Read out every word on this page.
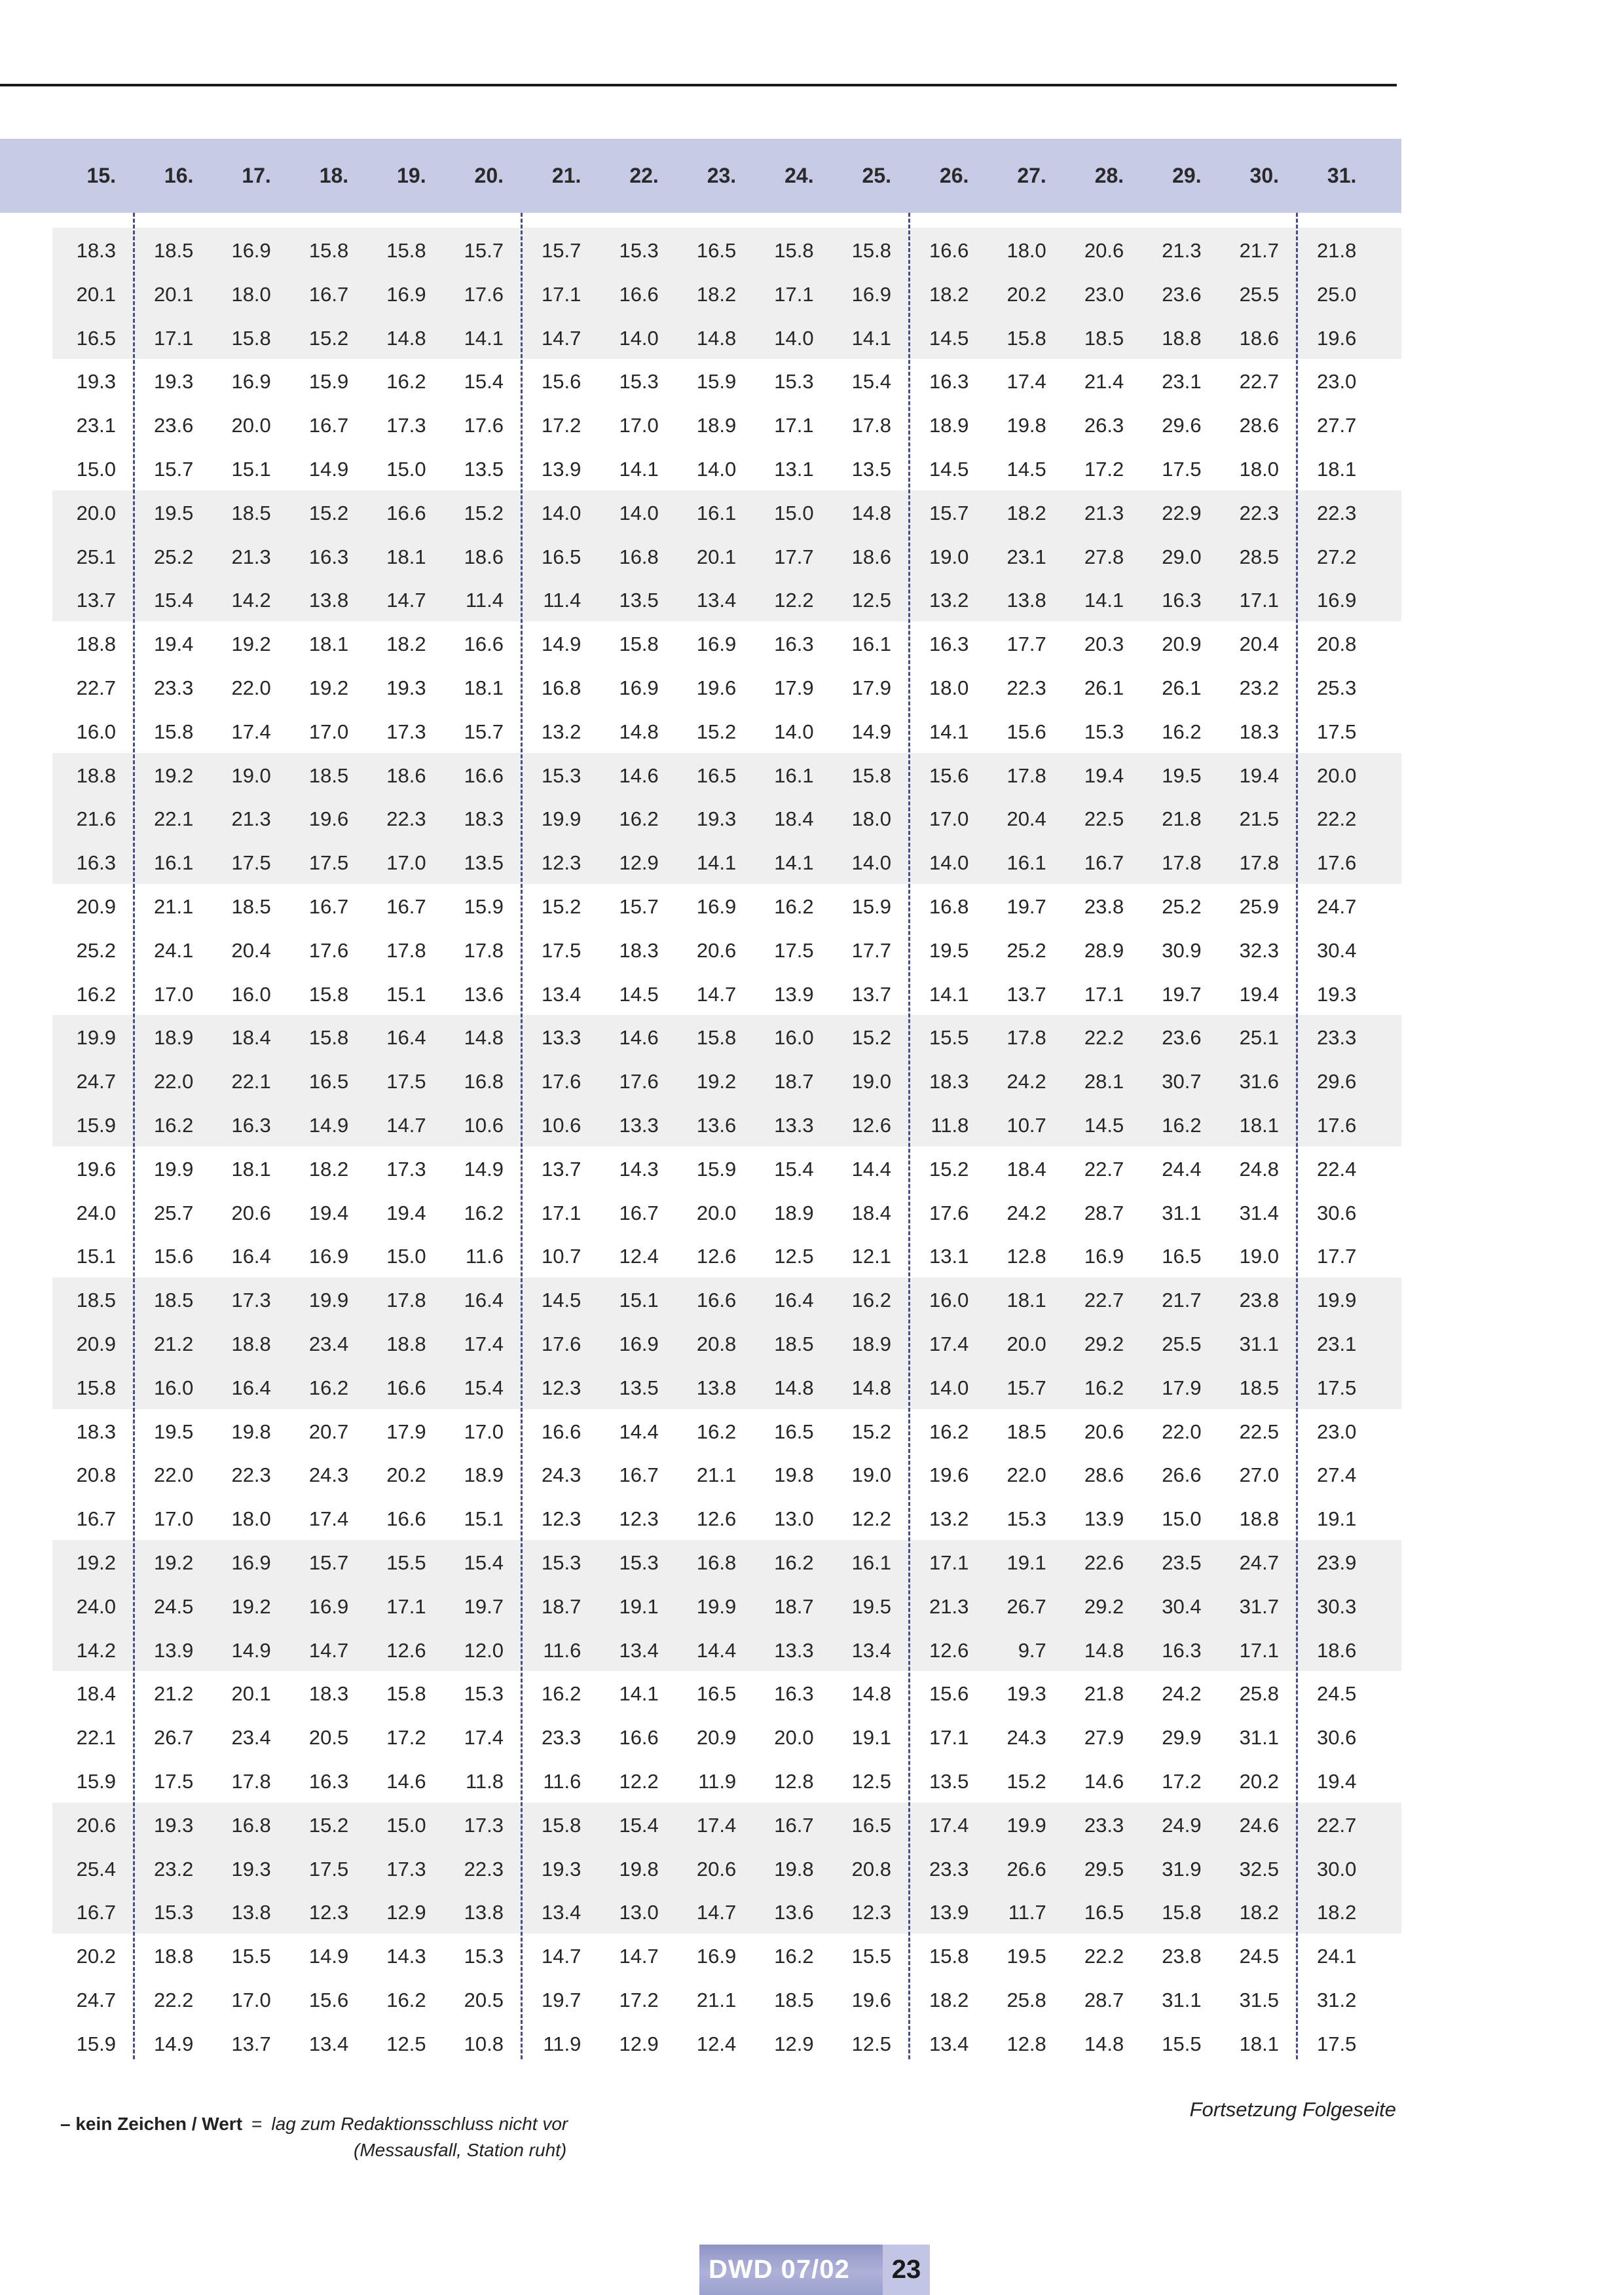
15.	16.	17.	18.	19.	20.	21.	22.	23.	24.	25.	26.	27.	28.	29.	30.	31.
18.3	18.5	16.9	15.8	15.8	15.7	15.7	15.3	16.5	15.8	15.8	16.6	18.0	20.6	21.3	21.7	21.8
20.1	20.1	18.0	16.7	16.9	17.6	17.1	16.6	18.2	17.1	16.9	18.2	20.2	23.0	23.6	25.5	25.0
16.5	17.1	15.8	15.2	14.8	14.1	14.7	14.0	14.8	14.0	14.1	14.5	15.8	18.5	18.8	18.6	19.6
19.3	19.3	16.9	15.9	16.2	15.4	15.6	15.3	15.9	15.3	15.4	16.3	17.4	21.4	23.1	22.7	23.0
23.1	23.6	20.0	16.7	17.3	17.6	17.2	17.0	18.9	17.1	17.8	18.9	19.8	26.3	29.6	28.6	27.7
15.0	15.7	15.1	14.9	15.0	13.5	13.9	14.1	14.0	13.1	13.5	14.5	14.5	17.2	17.5	18.0	18.1
20.0	19.5	18.5	15.2	16.6	15.2	14.0	14.0	16.1	15.0	14.8	15.7	18.2	21.3	22.9	22.3	22.3
25.1	25.2	21.3	16.3	18.1	18.6	16.5	16.8	20.1	17.7	18.6	19.0	23.1	27.8	29.0	28.5	27.2
13.7	15.4	14.2	13.8	14.7	11.4	11.4	13.5	13.4	12.2	12.5	13.2	13.8	14.1	16.3	17.1	16.9
18.8	19.4	19.2	18.1	18.2	16.6	14.9	15.8	16.9	16.3	16.1	16.3	17.7	20.3	20.9	20.4	20.8
22.7	23.3	22.0	19.2	19.3	18.1	16.8	16.9	19.6	17.9	17.9	18.0	22.3	26.1	26.1	23.2	25.3
16.0	15.8	17.4	17.0	17.3	15.7	13.2	14.8	15.2	14.0	14.9	14.1	15.6	15.3	16.2	18.3	17.5
18.8	19.2	19.0	18.5	18.6	16.6	15.3	14.6	16.5	16.1	15.8	15.6	17.8	19.4	19.5	19.4	20.0
21.6	22.1	21.3	19.6	22.3	18.3	19.9	16.2	19.3	18.4	18.0	17.0	20.4	22.5	21.8	21.5	22.2
16.3	16.1	17.5	17.5	17.0	13.5	12.3	12.9	14.1	14.1	14.0	14.0	16.1	16.7	17.8	17.8	17.6
20.9	21.1	18.5	16.7	16.7	15.9	15.2	15.7	16.9	16.2	15.9	16.8	19.7	23.8	25.2	25.9	24.7
25.2	24.1	20.4	17.6	17.8	17.8	17.5	18.3	20.6	17.5	17.7	19.5	25.2	28.9	30.9	32.3	30.4
16.2	17.0	16.0	15.8	15.1	13.6	13.4	14.5	14.7	13.9	13.7	14.1	13.7	17.1	19.7	19.4	19.3
19.9	18.9	18.4	15.8	16.4	14.8	13.3	14.6	15.8	16.0	15.2	15.5	17.8	22.2	23.6	25.1	23.3
24.7	22.0	22.1	16.5	17.5	16.8	17.6	17.6	19.2	18.7	19.0	18.3	24.2	28.1	30.7	31.6	29.6
15.9	16.2	16.3	14.9	14.7	10.6	10.6	13.3	13.6	13.3	12.6	11.8	10.7	14.5	16.2	18.1	17.6
19.6	19.9	18.1	18.2	17.3	14.9	13.7	14.3	15.9	15.4	14.4	15.2	18.4	22.7	24.4	24.8	22.4
24.0	25.7	20.6	19.4	19.4	16.2	17.1	16.7	20.0	18.9	18.4	17.6	24.2	28.7	31.1	31.4	30.6
15.1	15.6	16.4	16.9	15.0	11.6	10.7	12.4	12.6	12.5	12.1	13.1	12.8	16.9	16.5	19.0	17.7
18.5	18.5	17.3	19.9	17.8	16.4	14.5	15.1	16.6	16.4	16.2	16.0	18.1	22.7	21.7	23.8	19.9
20.9	21.2	18.8	23.4	18.8	17.4	17.6	16.9	20.8	18.5	18.9	17.4	20.0	29.2	25.5	31.1	23.1
15.8	16.0	16.4	16.2	16.6	15.4	12.3	13.5	13.8	14.8	14.8	14.0	15.7	16.2	17.9	18.5	17.5
18.3	19.5	19.8	20.7	17.9	17.0	16.6	14.4	16.2	16.5	15.2	16.2	18.5	20.6	22.0	22.5	23.0
20.8	22.0	22.3	24.3	20.2	18.9	24.3	16.7	21.1	19.8	19.0	19.6	22.0	28.6	26.6	27.0	27.4
16.7	17.0	18.0	17.4	16.6	15.1	12.3	12.3	12.6	13.0	12.2	13.2	15.3	13.9	15.0	18.8	19.1
19.2	19.2	16.9	15.7	15.5	15.4	15.3	15.3	16.8	16.2	16.1	17.1	19.1	22.6	23.5	24.7	23.9
24.0	24.5	19.2	16.9	17.1	19.7	18.7	19.1	19.9	18.7	19.5	21.3	26.7	29.2	30.4	31.7	30.3
14.2	13.9	14.9	14.7	12.6	12.0	11.6	13.4	14.4	13.3	13.4	12.6	9.7	14.8	16.3	17.1	18.6
18.4	21.2	20.1	18.3	15.8	15.3	16.2	14.1	16.5	16.3	14.8	15.6	19.3	21.8	24.2	25.8	24.5
22.1	26.7	23.4	20.5	17.2	17.4	23.3	16.6	20.9	20.0	19.1	17.1	24.3	27.9	29.9	31.1	30.6
15.9	17.5	17.8	16.3	14.6	11.8	11.6	12.2	11.9	12.8	12.5	13.5	15.2	14.6	17.2	20.2	19.4
20.6	19.3	16.8	15.2	15.0	17.3	15.8	15.4	17.4	16.7	16.5	17.4	19.9	23.3	24.9	24.6	22.7
25.4	23.2	19.3	17.5	17.3	22.3	19.3	19.8	20.6	19.8	20.8	23.3	26.6	29.5	31.9	32.5	30.0
16.7	15.3	13.8	12.3	12.9	13.8	13.4	13.0	14.7	13.6	12.3	13.9	11.7	16.5	15.8	18.2	18.2
20.2	18.8	15.5	14.9	14.3	15.3	14.7	14.7	16.9	16.2	15.5	15.8	19.5	22.2	23.8	24.5	24.1
24.7	22.2	17.0	15.6	16.2	20.5	19.7	17.2	21.1	18.5	19.6	18.2	25.8	28.7	31.1	31.5	31.2
15.9	14.9	13.7	13.4	12.5	10.8	11.9	12.9	12.4	12.9	12.5	13.4	12.8	14.8	15.5	18.1	17.5
– kein Zeichen / Wert = lag zum Redaktionsschluss nicht vor
(Messausfall, Station ruht)
Fortsetzung Folgeseite
DWD 07/02	23
